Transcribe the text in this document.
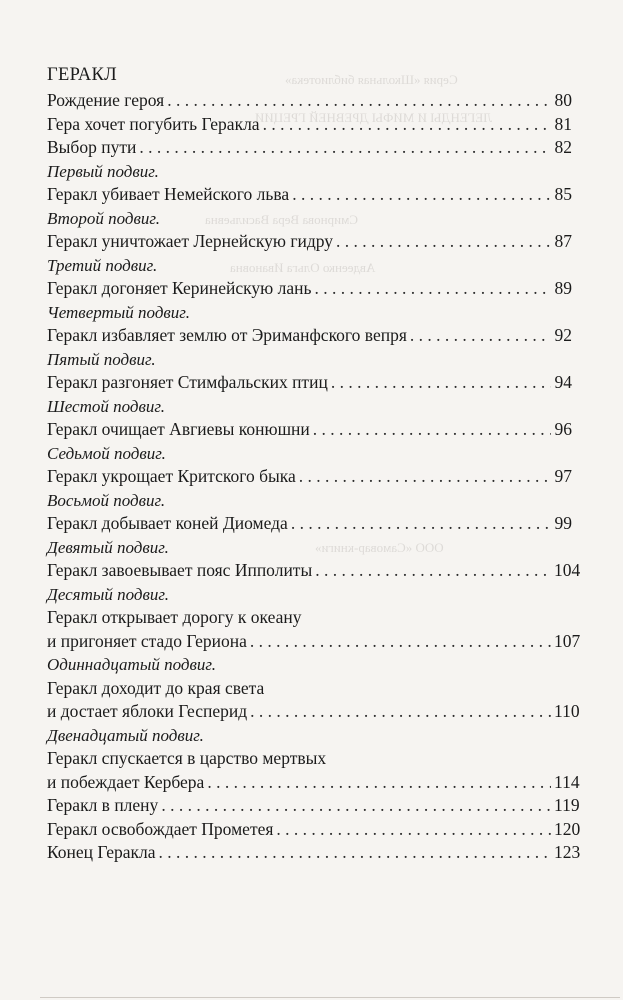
Серия «Школьная библиотека»
ЛЕГЕНДЫ И МИФЫ ДРЕВНЕЙ ГРЕЦИИ
Смирнова Вера Васильевна
Авдеенко Ольга Ивановна
ООО «Самовар-книги»
ГЕРАКЛ
Рождение героя . . .	80
Гера хочет погубить Геракла . . .	81
Выбор пути . . .	82
Первый подвиг.
Геракл убивает Немейского льва . . .	85
Второй подвиг.
Геракл уничтожает Лернейскую гидру . . .	87
Третий подвиг.
Геракл догоняет Керинейскую лань . . .	89
Четвертый подвиг.
Геракл избавляет землю от Эриманфского вепря . . .	92
Пятый подвиг.
Геракл разгоняет Стимфальских птиц . . .	94
Шестой подвиг.
Геракл очищает Авгиевы конюшни . . .	96
Седьмой подвиг.
Геракл укрощает Критского быка . . .	97
Восьмой подвиг.
Геракл добывает коней Диомеда . . .	99
Девятый подвиг.
Геракл завоевывает пояс Ипполиты . . .	104
Десятый подвиг.
Геракл открывает дорогу к океану
и пригоняет стадо Гериона . . .	107
Одиннадцатый подвиг.
Геракл доходит до края света
и достает яблоки Гесперид . . .	110
Двенадцатый подвиг.
Геракл спускается в царство мертвых
и побеждает Кербера . . .	114
Геракл в плену . . .	119
Геракл освобождает Прометея . . .	120
Конец Геракла . . .	123
